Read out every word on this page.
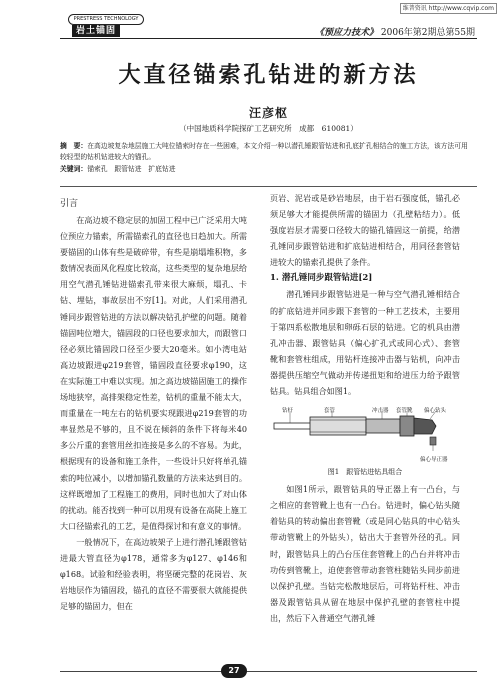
维普资讯 http://www.cqvip.com
PRESTRESS TECHNOLOGY
岩土锚固	《预应力技术》 2006年第2期总第55期
大直径锚索孔钻进的新方法
汪彦枢
（中国地质科学院探矿工艺研究所　成都　610081）
摘　要：在高边坡复杂地层施工大吨位锚索时存在一些困难，本文介绍一种以潜孔锤跟管钻进和孔底扩孔相结合的施工方法，该方法可用较轻型的钻机钻进较大的锚孔。
关键词：锚索孔　跟管钻进　扩底钻进
引言

在高边坡不稳定层的加固工程中已广泛采用大吨位预应力锚索，所需锚索孔的直径也日趋加大。所需要锚固的山体有些是破碎带，有些是崩塌堆积物，多数情况表面风化程度比较高，这些类型的复杂地层给用空气潜孔锤钻进锚索孔带来很大麻烦，塌孔、卡钻、埋钻，事故层出不穷[1]。对此，人们采用潜孔锤同步跟管钻进的方法以解决钻孔护壁的问题。随着锚固吨位增大，锚固段的口径也要求加大，而跟管口径必须比锚固段口径至少要大20毫米。如小湾电站高边坡跟进φ219套管，锚固段直径要求φ190，这在实际施工中难以实现。加之高边坡锚固施工的操作场地狭窄，高排架稳定性差，钻机的重量不能太大，而重量在一吨左右的钻机要实现跟进φ219套管的功率显然是不够的，且不说在倾斜的条件下将每米40多公斤重的套管用丝扣连接是多么的不容易。为此，根据现有的设备和施工条件，一些设计只好将单孔锚索的吨位减小，以增加锚孔数量的方法来达到目的。这样既增加了工程施工的费用，同时也加大了对山体的扰动。能否找到一种可以用现有设备在高陡上施工大口径锚索孔的工艺，是值得探讨和有意义的事情。

一般情况下，在高边坡架子上进行潜孔锤跟管钻进最大管直径为φ178，通常多为φ127、φ146和φ168。试验和经验表明，将坚硬完整的花岗岩、灰岩地层作为锚固段，锚孔的直径不需要很大就能提供足够的锚固力，但在

页岩、泥岩或是砂岩地层，由于岩石强度低，锚孔必须足够大才能提供所需的锚固力（孔壁粘结力）。低强度岩层才需要口径较大的锚孔锚固这一前提，给潜孔锤同步跟管钻进和扩底钻进相结合，用同径套管钻进较大的锚索孔提供了条件。

1. 潜孔锤同步跟管钻进[2]

潜孔锤同步跟管钻进是一种与空气潜孔锤相结合的扩底钻进并同步跟下套管的一种工艺技术，主要用于第四系松散地层和卵砾石层的钻进。它的机具由潜孔冲击器、跟管钻具（偏心扩孔式或同心式）、套管靴和套管柱组成，用钻杆连接冲击器与钻机，向冲击器提供压缩空气做动并传递扭矩和给进压力给予跟管钻具。钻具组合如图1。

钻杆	套管	冲击器 套管靴 偏心钻头
偏心导正器
图1　跟管钻进钻具组合

如图1所示，跟管钻具的导正器上有一凸台，与之相应的套管靴上也有一凸台。钻进时，偏心钻头随着钻具的转动偏出套管靴（或是同心钻具的中心钻头带动管靴上的外钻头），钻出大于套管外径的孔。同时，跟管钻具上的凸台压住套管靴上的凸台并将冲击功传到管靴上，迫使套管带动套管柱随钻头同步前进以保护孔壁。当钻完松散地层后，可将钻杆柱、冲击器及跟管钻具从留在地层中保护孔壁的套管柱中提出，然后下入普通空气潜孔锤

27
